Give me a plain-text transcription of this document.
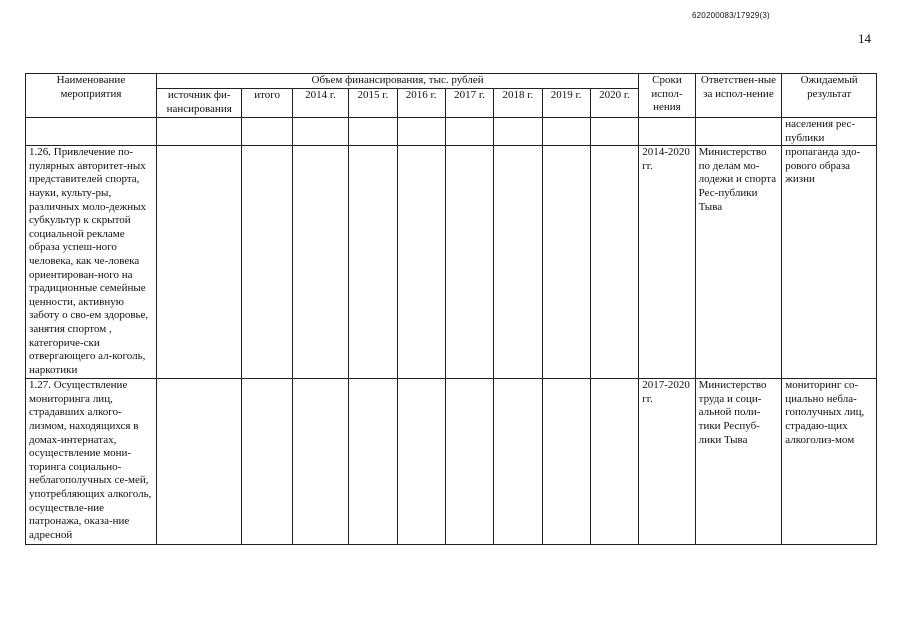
620200083/17929(3)
14
Наименование мероприятия	Объем финансирования, тыс. рублей									Сроки испол-нения	Ответствен-ные за испол-нение	Ожидаемый результат
	источник фи-нансирования	итого	2014 г.	2015 г.	2016 г.	2017 г.	2018 г.	2019 г.	2020 г.			
												населения рес-публики
1.26. Привлечение по-пулярных авторитет-ных представителей спорта, науки, культу-ры, различных моло-дежных субкультур к скрытой социальной рекламе образа успеш-ного человека, как че-ловека ориентирован-ного на традиционные семейные ценности, активную заботу о сво-ем здоровье, занятия спортом , категориче-ски отвергающего ал-коголь, наркотики										2014-2020 гг.	Министерство по делам мо-лодежи и спорта Рес-публики Тыва	пропаганда здо-рового образа жизни
1.27. Осуществление мониторинга лиц, страдавших алкого-лизмом, находящихся в домах-интернатах, осуществление мони-торинга социально-неблагополучных се-мей, употребляющих алкоголь, осуществле-ние патронажа, оказа-ние адресной										2017-2020 гг.	Министерство труда и соци-альной поли-тики Респуб-лики Тыва	мониторинг со-циально небла-гополучных лиц, страдаю-щих алкоголиз-мом
